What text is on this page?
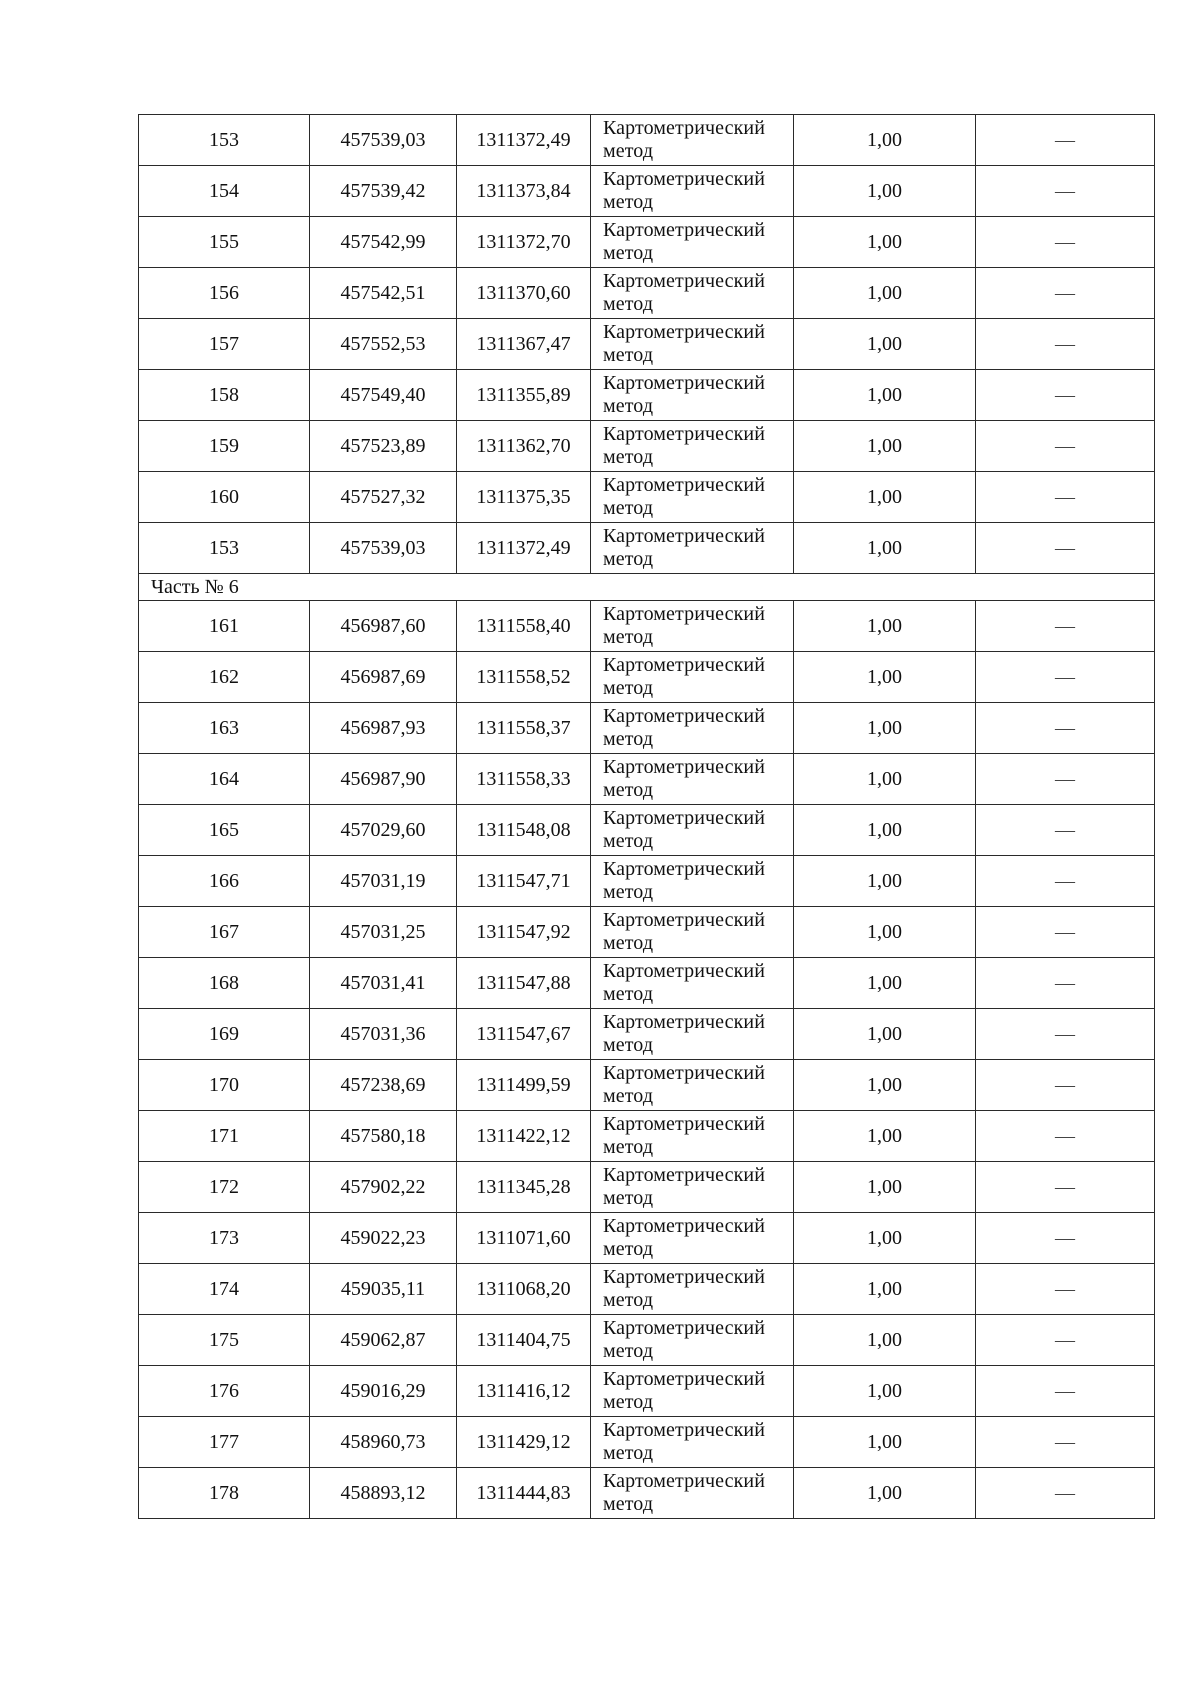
153	457539,03	1311372,49	Картометрический метод	1,00	—
154	457539,42	1311373,84	Картометрический метод	1,00	—
155	457542,99	1311372,70	Картометрический метод	1,00	—
156	457542,51	1311370,60	Картометрический метод	1,00	—
157	457552,53	1311367,47	Картометрический метод	1,00	—
158	457549,40	1311355,89	Картометрический метод	1,00	—
159	457523,89	1311362,70	Картометрический метод	1,00	—
160	457527,32	1311375,35	Картометрический метод	1,00	—
153	457539,03	1311372,49	Картометрический метод	1,00	—
Часть № 6					
161	456987,60	1311558,40	Картометрический метод	1,00	—
162	456987,69	1311558,52	Картометрический метод	1,00	—
163	456987,93	1311558,37	Картометрический метод	1,00	—
164	456987,90	1311558,33	Картометрический метод	1,00	—
165	457029,60	1311548,08	Картометрический метод	1,00	—
166	457031,19	1311547,71	Картометрический метод	1,00	—
167	457031,25	1311547,92	Картометрический метод	1,00	—
168	457031,41	1311547,88	Картометрический метод	1,00	—
169	457031,36	1311547,67	Картометрический метод	1,00	—
170	457238,69	1311499,59	Картометрический метод	1,00	—
171	457580,18	1311422,12	Картометрический метод	1,00	—
172	457902,22	1311345,28	Картометрический метод	1,00	—
173	459022,23	1311071,60	Картометрический метод	1,00	—
174	459035,11	1311068,20	Картометрический метод	1,00	—
175	459062,87	1311404,75	Картометрический метод	1,00	—
176	459016,29	1311416,12	Картометрический метод	1,00	—
177	458960,73	1311429,12	Картометрический метод	1,00	—
178	458893,12	1311444,83	Картометрический метод	1,00	—
